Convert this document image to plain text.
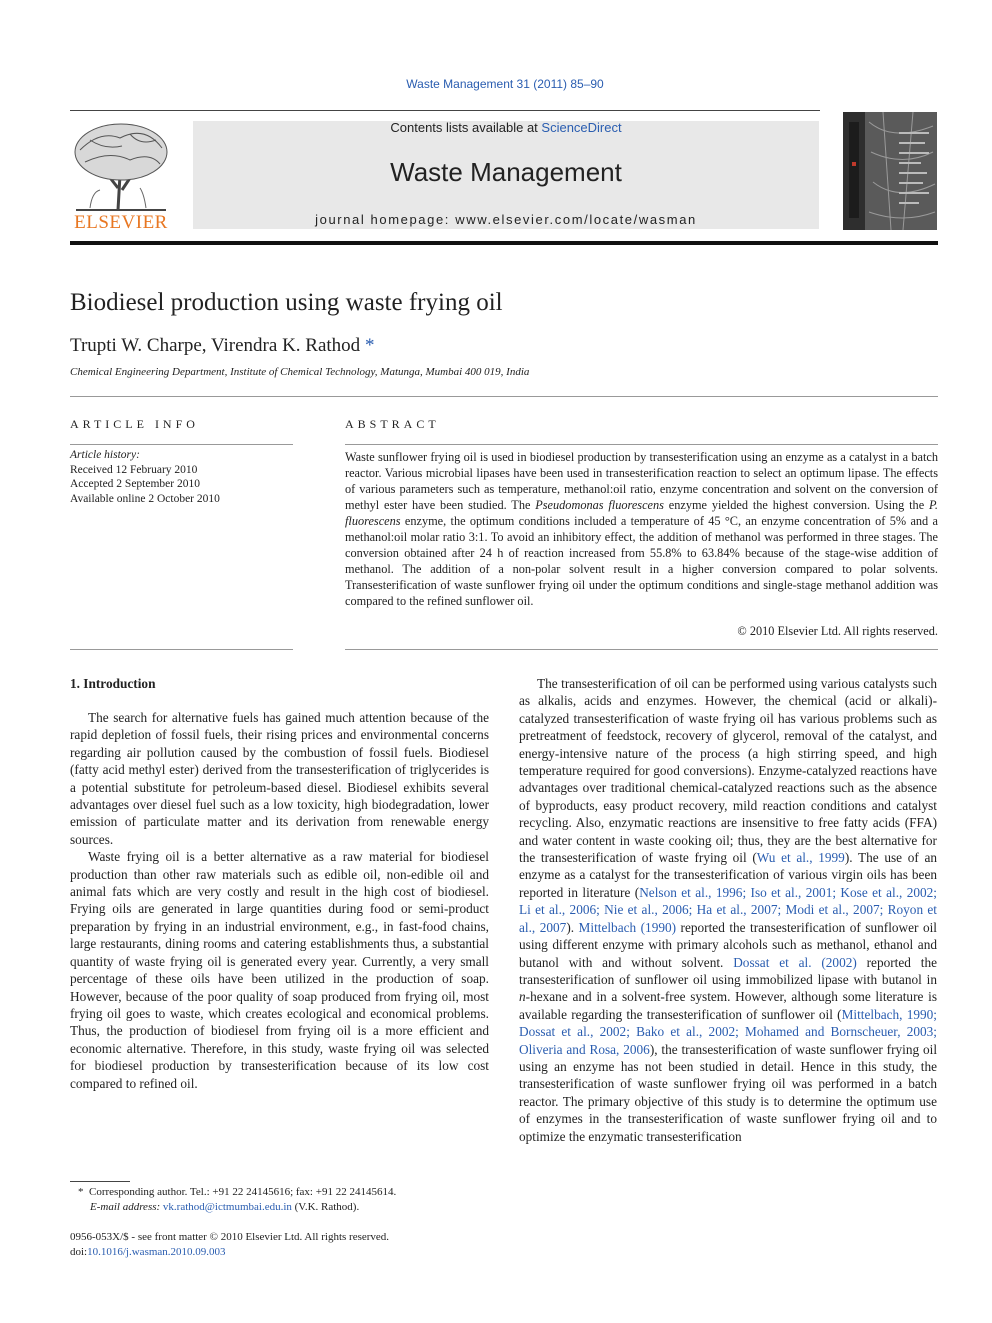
Waste Management 31 (2011) 85–90
ELSEVIER
Contents lists available at ScienceDirect
Waste Management
journal homepage: www.elsevier.com/locate/wasman
Biodiesel production using waste frying oil
Trupti W. Charpe, Virendra K. Rathod *
Chemical Engineering Department, Institute of Chemical Technology, Matunga, Mumbai 400 019, India
ARTICLE INFO
Article history:
Received 12 February 2010
Accepted 2 September 2010
Available online 2 October 2010
ABSTRACT
Waste sunflower frying oil is used in biodiesel production by transesterification using an enzyme as a catalyst in a batch reactor. Various microbial lipases have been used in transesterification reaction to select an optimum lipase. The effects of various parameters such as temperature, methanol:oil ratio, enzyme concentration and solvent on the conversion of methyl ester have been studied. The Pseudomonas fluorescens enzyme yielded the highest conversion. Using the P. fluorescens enzyme, the optimum conditions included a temperature of 45 °C, an enzyme concentration of 5% and a methanol:oil molar ratio 3:1. To avoid an inhibitory effect, the addition of methanol was performed in three stages. The conversion obtained after 24 h of reaction increased from 55.8% to 63.84% because of the stage-wise addition of methanol. The addition of a non-polar solvent result in a higher conversion compared to polar solvents. Transesterification of waste sunflower frying oil under the optimum conditions and single-stage methanol addition was compared to the refined sunflower oil.
© 2010 Elsevier Ltd. All rights reserved.
1. Introduction

The search for alternative fuels has gained much attention because of the rapid depletion of fossil fuels, their rising prices and environmental concerns regarding air pollution caused by the combustion of fossil fuels. Biodiesel (fatty acid methyl ester) derived from the transesterification of triglycerides is a potential substitute for petroleum-based diesel. Biodiesel exhibits several advantages over diesel fuel such as a low toxicity, high biodegradation, lower emission of particulate matter and its derivation from renewable energy sources.

Waste frying oil is a better alternative as a raw material for biodiesel production than other raw materials such as edible oil, non-edible oil and animal fats which are very costly and result in the high cost of biodiesel. Frying oils are generated in large quantities during food or semi-product preparation by frying in an industrial environment, e.g., in fast-food chains, large restaurants, dining rooms and catering establishments thus, a substantial quantity of waste frying oil is generated every year. Currently, a very small percentage of these oils have been utilized in the production of soap. However, because of the poor quality of soap produced from frying oil, most frying oil goes to waste, which creates ecological and economical problems. Thus, the production of biodiesel from frying oil is a more efficient and economic alternative. Therefore, in this study, waste frying oil was selected for biodiesel production by transesterification because of its low cost compared to refined oil.

The transesterification of oil can be performed using various catalysts such as alkalis, acids and enzymes. However, the chemical (acid or alkali)-catalyzed transesterification of waste frying oil has various problems such as pretreatment of feedstock, recovery of glycerol, removal of the catalyst, and energy-intensive nature of the process (a high stirring speed, and high temperature required for good conversions). Enzyme-catalyzed reactions have advantages over traditional chemical-catalyzed reactions such as the absence of byproducts, easy product recovery, mild reaction conditions and catalyst recycling. Also, enzymatic reactions are insensitive to free fatty acids (FFA) and water content in waste cooking oil; thus, they are the best alternative for the transesterification of waste frying oil (Wu et al., 1999). The use of an enzyme as a catalyst for the transesterification of various virgin oils has been reported in literature (Nelson et al., 1996; Iso et al., 2001; Kose et al., 2002; Li et al., 2006; Nie et al., 2006; Ha et al., 2007; Modi et al., 2007; Royon et al., 2007). Mittelbach (1990) reported the transesterification of sunflower oil using different enzyme with primary alcohols such as methanol, ethanol and butanol with and without solvent. Dossat et al. (2002) reported the transesterification of sunflower oil using immobilized lipase with butanol in n-hexane and in a solvent-free system. However, although some literature is available regarding the transesterification of sunflower oil (Mittelbach, 1990; Dossat et al., 2002; Bako et al., 2002; Mohamed and Bornscheuer, 2003; Oliveria and Rosa, 2006), the transesterification of waste sunflower frying oil using an enzyme has not been studied in detail. Hence in this study, the transesterification of waste sunflower frying oil was performed in a batch reactor. The primary objective of this study is to determine the optimum use of enzymes in the transesterification of waste sunflower frying oil and to optimize the enzymatic transesterification

* Corresponding author. Tel.: +91 22 24145616; fax: +91 22 24145614.
E-mail address: vk.rathod@ictmumbai.edu.in (V.K. Rathod).
0956-053X/$ - see front matter © 2010 Elsevier Ltd. All rights reserved.
doi:10.1016/j.wasman.2010.09.003
